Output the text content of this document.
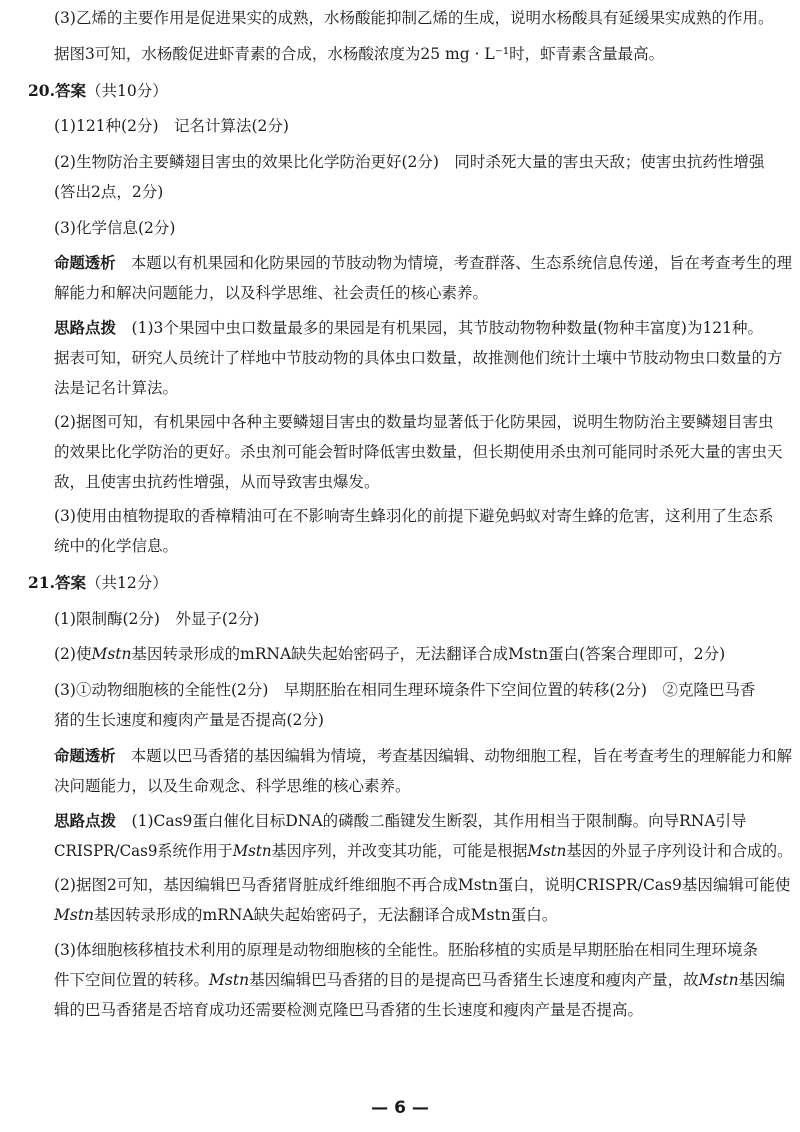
(3)乙烯的主要作用是促进果实的成熟，水杨酸能抑制乙烯的生成，说明水杨酸具有延缓果实成熟的作用。
据图3可知，水杨酸促进虾青素的合成，水杨酸浓度为25 mg · L⁻¹时，虾青素含量最高。
20.答案（共10分）
(1)121种(2分)　记名计算法(2分)
(2)生物防治主要鳞翅目害虫的效果比化学防治更好(2分)　同时杀死大量的害虫天敌；使害虫抗药性增强
(答出2点，2分)
(3)化学信息(2分)
命题透析　 本题以有机果园和化防果园的节肢动物为情境，考查群落、生态系统信息传递，旨在考查考生的理
解能力和解决问题能力，以及科学思维、社会责任的核心素养。
思路点拨　 (1)3个果园中虫口数量最多的果园是有机果园，其节肢动物物种数量(物种丰富度)为121种。
据表可知，研究人员统计了样地中节肢动物的具体虫口数量，故推测他们统计土壤中节肢动物虫口数量的方
法是记名计算法。
(2)据图可知，有机果园中各种主要鳞翅目害虫的数量均显著低于化防果园，说明生物防治主要鳞翅目害虫
的效果比化学防治的更好。杀虫剂可能会暂时降低害虫数量，但长期使用杀虫剂可能同时杀死大量的害虫天
敌，且使害虫抗药性增强，从而导致害虫爆发。
(3)使用由植物提取的香樟精油可在不影响寄生蜂羽化的前提下避免蚂蚁对寄生蜂的危害，这利用了生态系
统中的化学信息。
21.答案（共12分）
(1)限制酶(2分)　外显子(2分)
(2)使Mstn基因转录形成的mRNA缺失起始密码子，无法翻译合成Mstn蛋白(答案合理即可，2分)
(3)①动物细胞核的全能性(2分)　早期胚胎在相同生理环境条件下空间位置的转移(2分)　②克隆巴马香
猪的生长速度和瘦肉产量是否提高(2分)
命题透析　 本题以巴马香猪的基因编辑为情境，考查基因编辑、动物细胞工程，旨在考查考生的理解能力和解
决问题能力，以及生命观念、科学思维的核心素养。
思路点拨　 (1)Cas9蛋白催化目标DNA的磷酸二酯键发生断裂，其作用相当于限制酶。向导RNA引导
CRISPR/Cas9系统作用于Mstn基因序列，并改变其功能，可能是根据Mstn基因的外显子序列设计和合成的。
(2)据图2可知，基因编辑巴马香猪肾脏成纤维细胞不再合成Mstn蛋白，说明CRISPR/Cas9基因编辑可能使
Mstn基因转录形成的mRNA缺失起始密码子，无法翻译合成Mstn蛋白。
(3)体细胞核移植技术利用的原理是动物细胞核的全能性。胚胎移植的实质是早期胚胎在相同生理环境条
件下空间位置的转移。Mstn基因编辑巴马香猪的目的是提高巴马香猪生长速度和瘦肉产量，故Mstn基因编
辑的巴马香猪是否培育成功还需要检测克隆巴马香猪的生长速度和瘦肉产量是否提高。
— 6 —
